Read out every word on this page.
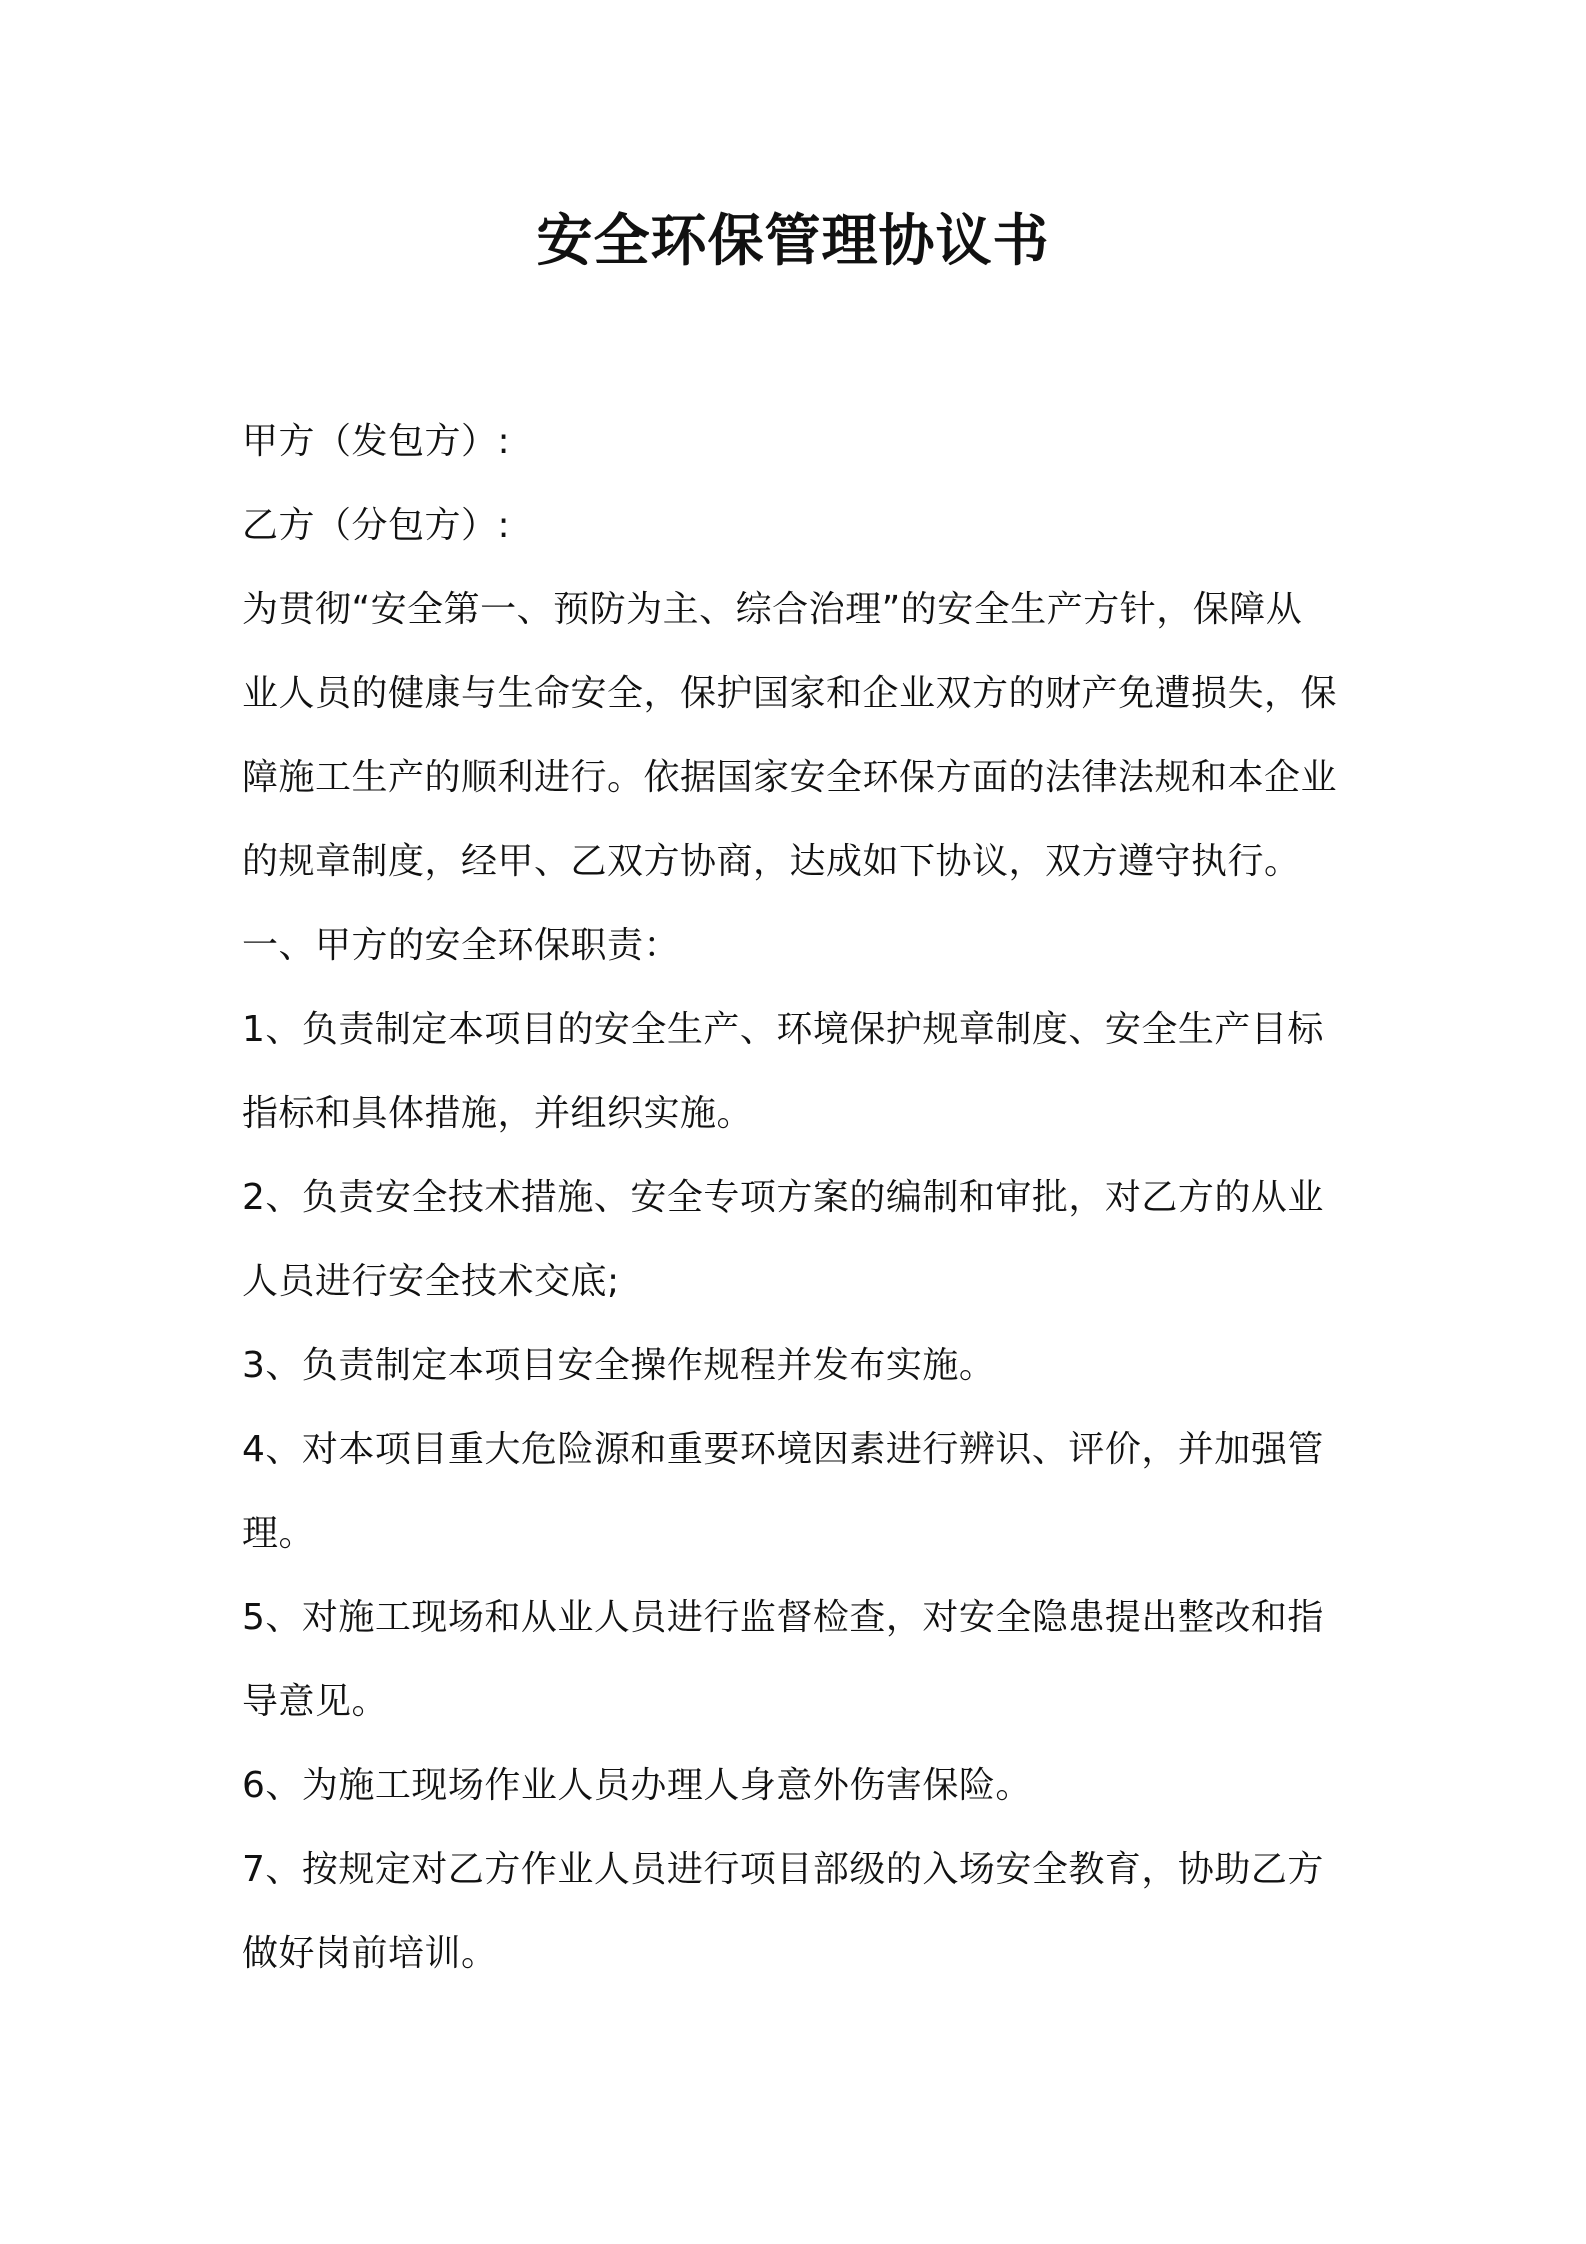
安全环保管理协议书
甲方（发包方）:
乙方（分包方）:
为贯彻“安全第一、预防为主、综合治理”的安全生产方针，保障从
业人员的健康与生命安全，保护国家和企业双方的财产免遭损失，保
障施工生产的顺利进行。依据国家安全环保方面的法律法规和本企业
的规章制度，经甲、乙双方协商，达成如下协议，双方遵守执行。
一、甲方的安全环保职责：
1、负责制定本项目的安全生产、环境保护规章制度、安全生产目标
指标和具体措施，并组织实施。
2、负责安全技术措施、安全专项方案的编制和审批，对乙方的从业
人员进行安全技术交底;
3、负责制定本项目安全操作规程并发布实施。
4、对本项目重大危险源和重要环境因素进行辨识、评价，并加强管
理。
5、对施工现场和从业人员进行监督检查，对安全隐患提出整改和指
导意见。
6、为施工现场作业人员办理人身意外伤害保险。
7、按规定对乙方作业人员进行项目部级的入场安全教育，协助乙方
做好岗前培训。
